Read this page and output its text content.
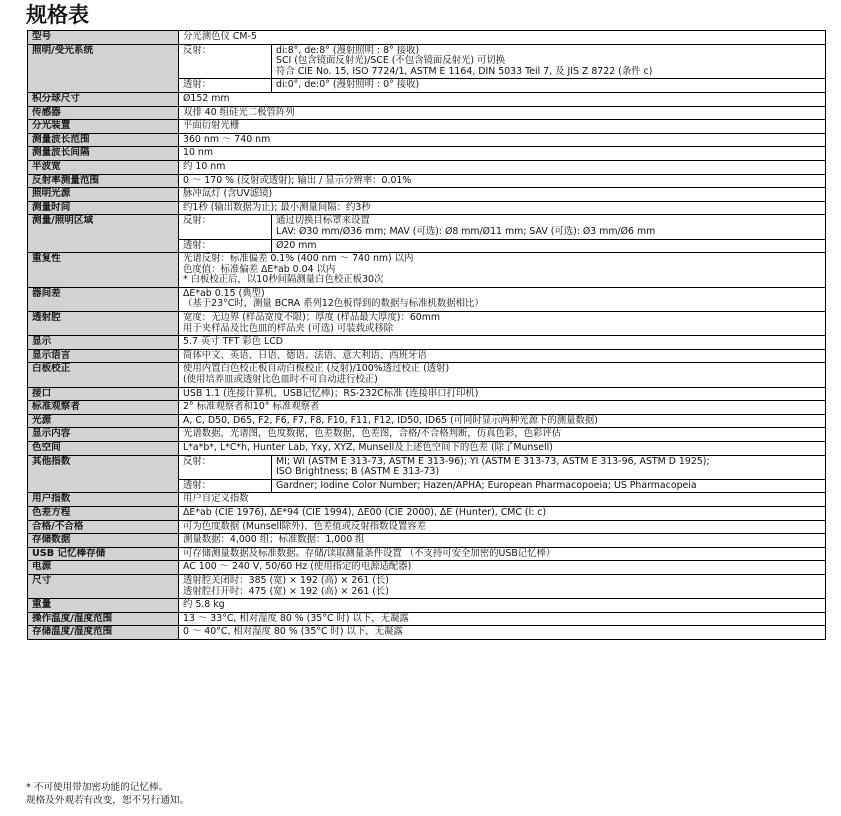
规格表
型号	分光测色仪 CM-5

照明/受光系统		反射：	di:8°, de:8° (漫射照明 : 8° 接收)
SCI (包含镜面反射光)/SCE (不包含镜面反射光) 可切换
符合 CIE No. 15, ISO 7724/1, ASTM E 1164, DIN 5033 Teil 7, 及 JIS Z 8722 (条件 c)

透射：	di:0°, de:0° (漫射照明 : 0° 接收)

积分球尺寸	Ø152 mm

传感器	双排 40 组硅光二极管阵列

分光装置	平面衍射光栅

测量波长范围	360 nm ～ 740 nm

测量波长间隔	10 nm

半波宽	约 10 nm

反射率测量范围	0 ～ 170 % (反射或透射); 输出 / 显示分辨率：0.01%

照明光源	脉冲氙灯 (含UV滤镜)

测量时间	约1秒 (输出数据为止); 最小测量间隔：约3秒

测量/照明区域		反射：	通过切换目标罩来设置
LAV: Ø30 mm/Ø36 mm; MAV (可选): Ø8 mm/Ø11 mm; SAV (可选): Ø3 mm/Ø6 mm

透射：	Ø20 mm

重复性	光谱反射：标准偏差 0.1% (400 nm ～ 740 nm) 以内
色度值：标准偏差 ΔE*ab 0.04 以内
* 白板校正后，以10秒间隔测量白色校正板30次

器间差	ΔE*ab 0.15 (典型)
（基于23°C时，测量 BCRA 系列12色板得到的数据与标准机数据相比）

透射腔	宽度：无边界 (样品宽度不限)；厚度 (样品最大厚度)：60mm
用于夹样品及比色皿的样品夹 (可选) 可装载或移除

显示	5.7 英寸 TFT 彩色 LCD

显示语言	简体中文、英语、日语、德语、法语、意大利语、西班牙语

白板校正	使用内置白色校正板自动白板校正 (反射)/100%透过校正 (透射)
(使用培养皿或透射比色皿时不可自动进行校正)

接口	USB 1.1 (连接计算机，USB记忆棒)；RS-232C标准 (连接串口打印机)

标准观察者	2° 标准观察者和10° 标准观察者

光源	A, C, D50, D65, F2, F6, F7, F8, F10, F11, F12, ID50, ID65 (可同时显示两种光源下的测量数据)

显示内容	光谱数据，光谱图，色度数据，色差数据，色差图，合格/不合格判断，仿真色彩，色彩评估

色空间	L*a*b*, L*C*h, Hunter Lab, Yxy, XYZ, Munsell及上述色空间下的色差 (除了Munsell)

其他指数		反射：	MI; WI (ASTM E 313-73, ASTM E 313-96); YI (ASTM E 313-73, ASTM E 313-96, ASTM D 1925);
ISO Brightness; B (ASTM E 313-73)

透射：	Gardner; Iodine Color Number; Hazen/APHA; European Pharmacopoeia; US Pharmacopeia

用户指数	用户自定义指数

色差方程	ΔE*ab (CIE 1976), ΔE*94 (CIE 1994), ΔE00 (CIE 2000), ΔE (Hunter), CMC (l: c)

合格/不合格	可为色度数据 (Munsell除外)、色差值或反射指数设置容差

存储数据	测量数据：4,000 组；标准数据：1,000 组

USB 记忆棒存储	可存储测量数据及标准数据。存储/读取测量条件设置 （不支持可安全加密的USB记忆棒）

电源	AC 100 ～ 240 V, 50/60 Hz (使用指定的电源适配器)

尺寸	透射腔关闭时：385 (宽) × 192 (高) × 261 (长)
透射腔打开时：475 (宽) × 192 (高) × 261 (长)

重量	约 5.8 kg

操作温度/湿度范围	13 ～ 33°C, 相对湿度 80 % (35°C 时) 以下，无凝露

存储温度/湿度范围	0 ～ 40°C, 相对湿度 80 % (35°C 时) 以下，无凝露
* 不可使用带加密功能的记忆棒。
规格及外观若有改变，恕不另行通知。
